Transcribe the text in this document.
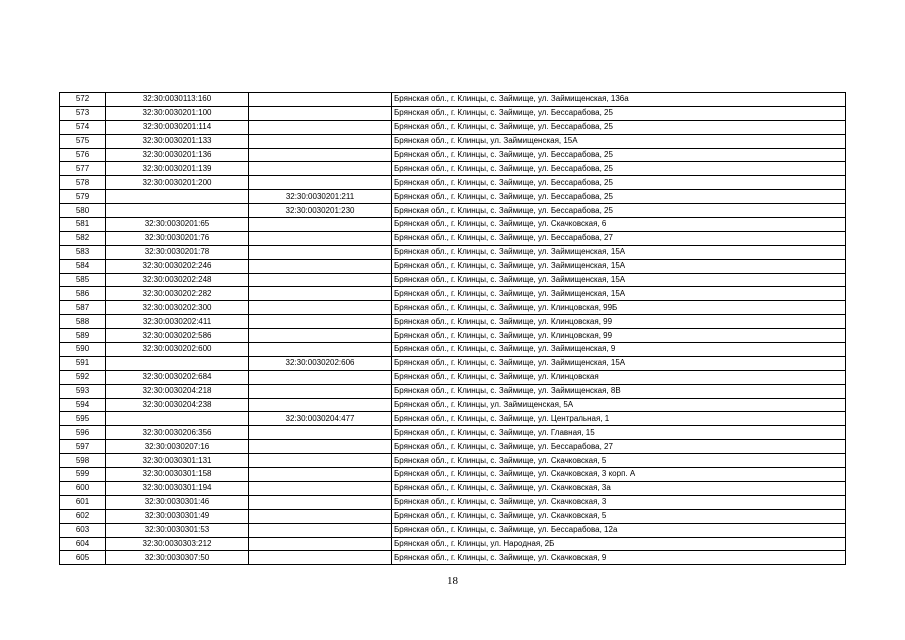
572	32:30:0030113:160		Брянская обл., г. Клинцы, с. Займище, ул. Займищенская, 136а
573	32:30:0030201:100		Брянская обл., г. Клинцы, с. Займище, ул. Бессарабова, 25
574	32:30:0030201:114		Брянская обл., г. Клинцы, с. Займище, ул. Бессарабова, 25
575	32:30:0030201:133		Брянская обл., г. Клинцы, ул. Займищенская, 15А
576	32:30:0030201:136		Брянская обл., г. Клинцы, с. Займище, ул. Бессарабова, 25
577	32:30:0030201:139		Брянская обл., г. Клинцы, с. Займище, ул. Бессарабова, 25
578	32:30:0030201:200		Брянская обл., г. Клинцы, с. Займище, ул. Бессарабова, 25
579		32:30:0030201:211	Брянская обл., г. Клинцы, с. Займище, ул. Бессарабова, 25
580		32:30:0030201:230	Брянская обл., г. Клинцы, с. Займище, ул. Бессарабова, 25
581	32:30:0030201:65		Брянская обл., г. Клинцы, с. Займище, ул. Скачковская, 6
582	32:30:0030201:76		Брянская обл., г. Клинцы, с. Займище, ул. Бессарабова, 27
583	32:30:0030201:78		Брянская обл., г. Клинцы, с. Займище, ул. Займищенская, 15А
584	32:30:0030202:246		Брянская обл., г. Клинцы, с. Займище, ул. Займищенская, 15А
585	32:30:0030202:248		Брянская обл., г. Клинцы, с. Займище, ул. Займищенская, 15А
586	32:30:0030202:282		Брянская обл., г. Клинцы, с. Займище, ул. Займищенская, 15А
587	32:30:0030202:300		Брянская обл., г. Клинцы, с. Займище, ул. Клинцовская, 99Б
588	32:30:0030202:411		Брянская обл., г. Клинцы, с. Займище, ул. Клинцовская, 99
589	32:30:0030202:586		Брянская обл., г. Клинцы, с. Займище, ул. Клинцовская, 99
590	32:30:0030202:600		Брянская обл., г. Клинцы, с. Займище, ул. Займищенская, 9
591		32:30:0030202:606	Брянская обл., г. Клинцы, с. Займище, ул. Займищенская, 15А
592	32:30:0030202:684		Брянская обл., г. Клинцы, с. Займище, ул. Клинцовская
593	32:30:0030204:218		Брянская обл., г. Клинцы, с. Займище, ул. Займищенская, 8В
594	32:30:0030204:238		Брянская обл., г. Клинцы, ул. Займищенская, 5А
595		32:30:0030204:477	Брянская обл., г. Клинцы, с. Займище, ул. Центральная, 1
596	32:30:0030206:356		Брянская обл., г. Клинцы, с. Займище, ул. Главная, 15
597	32:30:0030207:16		Брянская обл., г. Клинцы, с. Займище, ул. Бессарабова, 27
598	32:30:0030301:131		Брянская обл., г. Клинцы, с. Займище, ул. Скачковская, 5
599	32:30:0030301:158		Брянская обл., г. Клинцы, с. Займище, ул. Скачковская, 3 корп. А
600	32:30:0030301:194		Брянская обл., г. Клинцы, с. Займище, ул. Скачковская, 3а
601	32:30:0030301:46		Брянская обл., г. Клинцы, с. Займище, ул. Скачковская, 3
602	32:30:0030301:49		Брянская обл., г. Клинцы, с. Займище, ул. Скачковская, 5
603	32:30:0030301:53		Брянская обл., г. Клинцы, с. Займище, ул. Бессарабова, 12а
604	32:30:0030303:212		Брянская обл., г. Клинцы, ул. Народная, 2Б
605	32:30:0030307:50		Брянская обл., г. Клинцы, с. Займище, ул. Скачковская, 9
18
